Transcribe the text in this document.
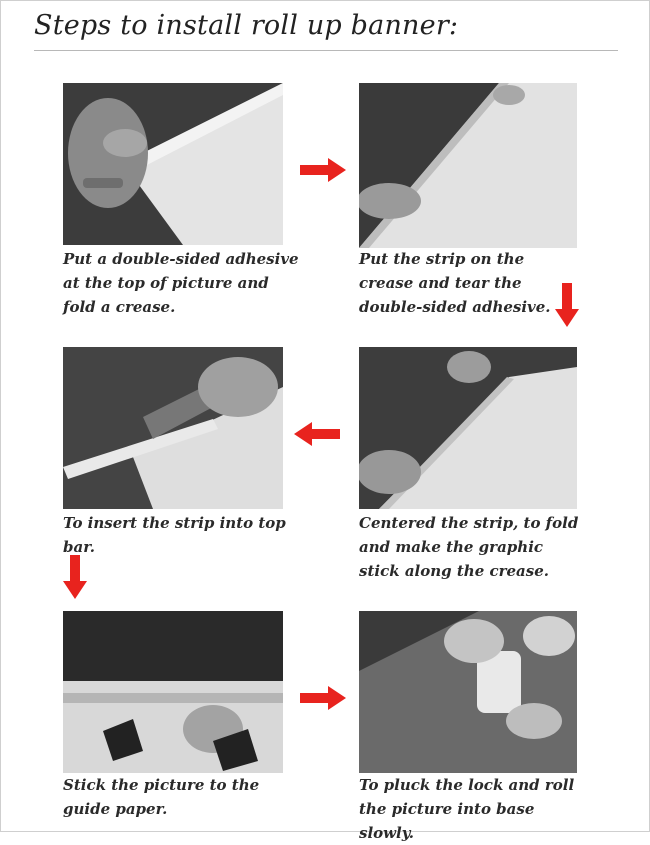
Steps to install roll up banner:
Put a double-sided adhesive at the top of picture and fold a crease.
Put the strip on the crease and tear the double-sided adhesive.
To insert the strip into top bar.
Centered the strip, to fold and make the graphic stick along the crease.
Stick the picture to the guide paper.
To pluck the lock and roll the picture into base slowly.
